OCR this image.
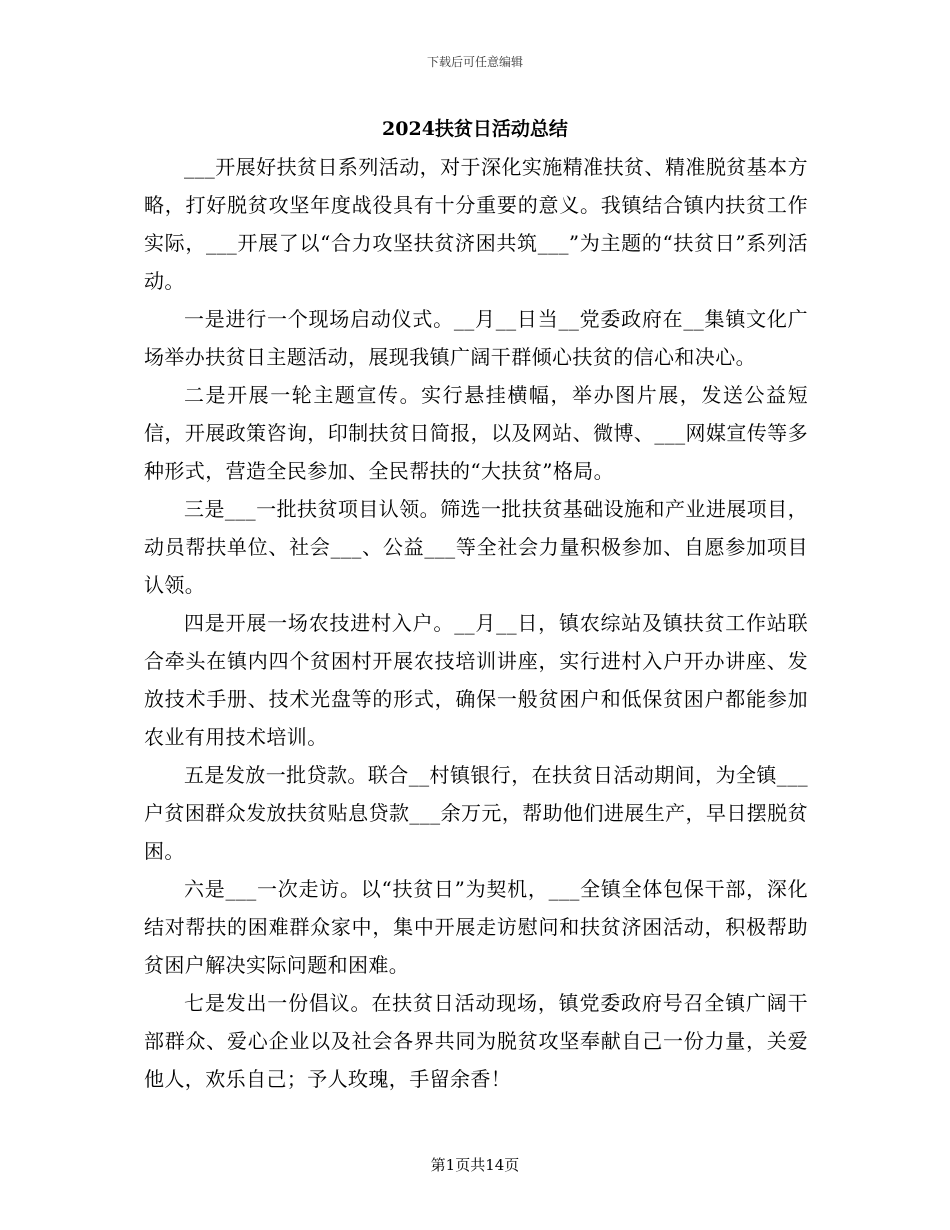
下载后可任意编辑
2024扶贫日活动总结

___开展好扶贫日系列活动，对于深化实施精准扶贫、精准脱贫基本方略，打好脱贫攻坚年度战役具有十分重要的意义。我镇结合镇内扶贫工作实际，___开展了以“合力攻坚扶贫济困共筑___”为主题的“扶贫日”系列活动。

一是进行一个现场启动仪式。__月__日当__党委政府在__集镇文化广场举办扶贫日主题活动，展现我镇广阔干群倾心扶贫的信心和决心。

二是开展一轮主题宣传。实行悬挂横幅，举办图片展，发送公益短信，开展政策咨询，印制扶贫日简报，以及网站、微博、___网媒宣传等多种形式，营造全民参加、全民帮扶的“大扶贫”格局。

三是___一批扶贫项目认领。筛选一批扶贫基础设施和产业进展项目，动员帮扶单位、社会___、公益___等全社会力量积极参加、自愿参加项目认领。

四是开展一场农技进村入户。__月__日，镇农综站及镇扶贫工作站联合牵头在镇内四个贫困村开展农技培训讲座，实行进村入户开办讲座、发放技术手册、技术光盘等的形式，确保一般贫困户和低保贫困户都能参加农业有用技术培训。

五是发放一批贷款。联合__村镇银行，在扶贫日活动期间，为全镇___户贫困群众发放扶贫贴息贷款___余万元，帮助他们进展生产，早日摆脱贫困。

六是___一次走访。以“扶贫日”为契机，___全镇全体包保干部，深化结对帮扶的困难群众家中，集中开展走访慰问和扶贫济困活动，积极帮助贫困户解决实际问题和困难。

七是发出一份倡议。在扶贫日活动现场，镇党委政府号召全镇广阔干部群众、爱心企业以及社会各界共同为脱贫攻坚奉献自己一份力量，关爱他人，欢乐自己；予人玫瑰，手留余香！

第1页共14页
